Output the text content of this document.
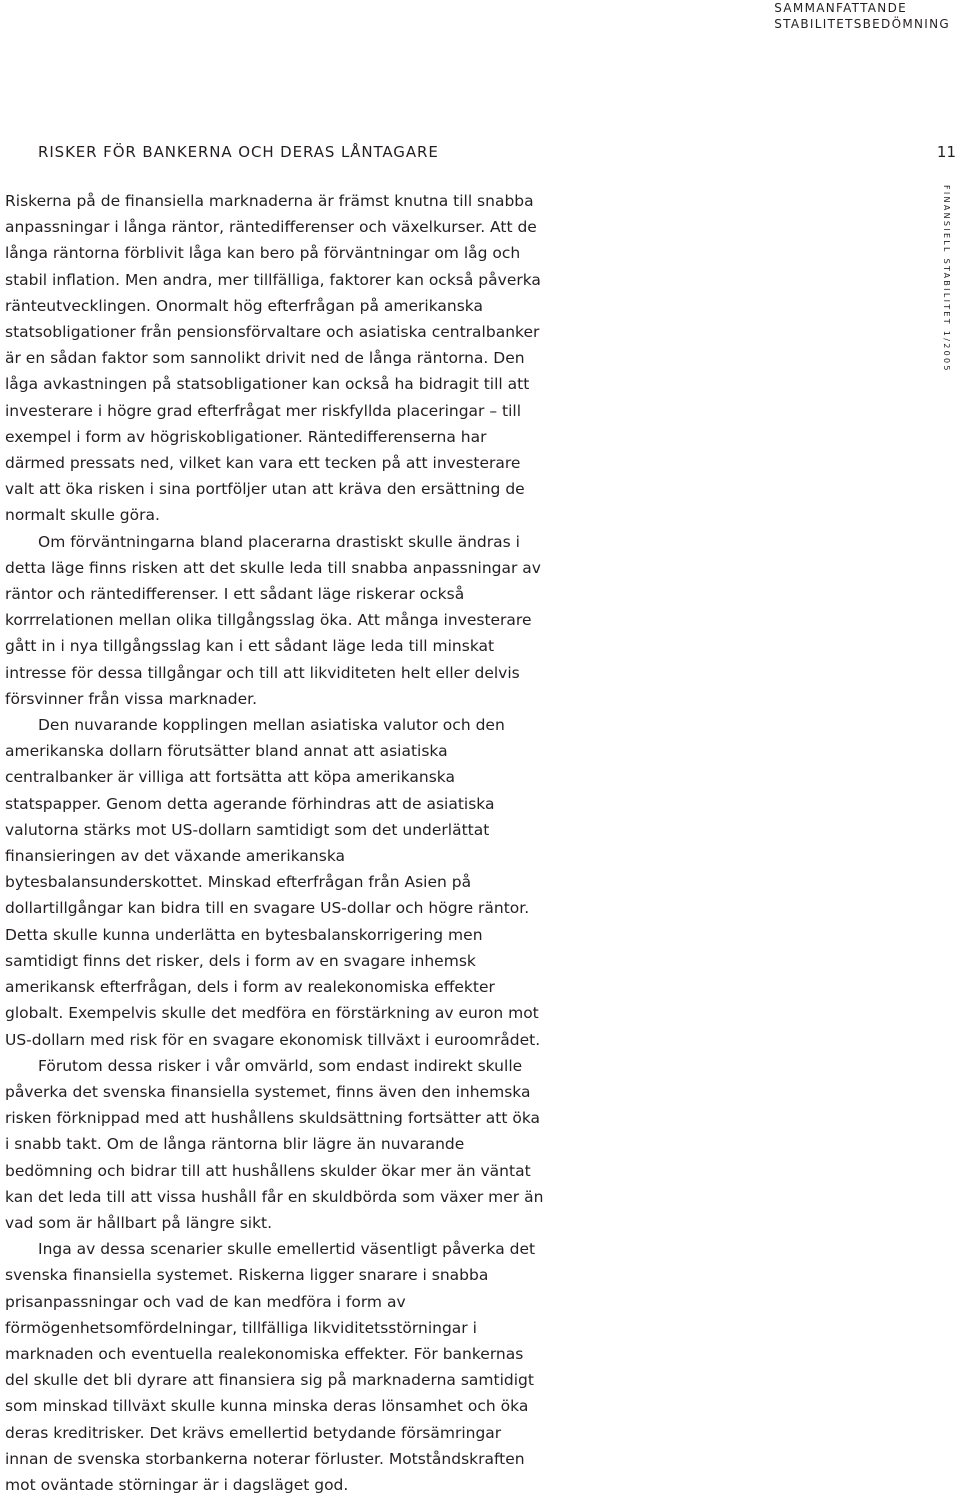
SAMMANFATTANDE
STABILITETSBEDÖMNING
RISKER FÖR BANKERNA OCH DERAS LÅNTAGARE	11
FINANSIELL STABILITET 1/2005

Riskerna på de finansiella marknaderna är främst knutna till snabba anpassningar i långa räntor, räntedifferenser och växelkurser. Att de långa räntorna förblivit låga kan bero på förväntningar om låg och stabil inflation. Men andra, mer tillfälliga, faktorer kan också påverka ränteutvecklingen. Onormalt hög efterfrågan på amerikanska statsobligationer från pensionsförvaltare och asiatiska centralbanker är en sådan faktor som sannolikt drivit ned de långa räntorna. Den låga avkastningen på statsobligationer kan också ha bidragit till att investerare i högre grad efterfrågat mer riskfyllda placeringar – till exempel i form av högriskobligationer. Räntedifferenserna har därmed pressats ned, vilket kan vara ett tecken på att investerare valt att öka risken i sina portföljer utan att kräva den ersättning de normalt skulle göra.

Om förväntningarna bland placerarna drastiskt skulle ändras i detta läge finns risken att det skulle leda till snabba anpassningar av räntor och räntedifferenser. I ett sådant läge riskerar också korrrelationen mellan olika tillgångsslag öka. Att många investerare gått in i nya tillgångsslag kan i ett sådant läge leda till minskat intresse för dessa tillgångar och till att likviditeten helt eller delvis försvinner från vissa marknader.

Den nuvarande kopplingen mellan asiatiska valutor och den amerikanska dollarn förutsätter bland annat att asiatiska centralbanker är villiga att fortsätta att köpa amerikanska statspapper. Genom detta agerande förhindras att de asiatiska valutorna stärks mot US-dollarn samtidigt som det underlättat finansieringen av det växande amerikanska bytesbalansunderskottet. Minskad efterfrågan från Asien på dollartillgångar kan bidra till en svagare US-dollar och högre räntor. Detta skulle kunna underlätta en bytesbalanskorrigering men samtidigt finns det risker, dels i form av en svagare inhemsk amerikansk efterfrågan, dels i form av realekonomiska effekter globalt. Exempelvis skulle det medföra en förstärkning av euron mot US-dollarn med risk för en svagare ekonomisk tillväxt i euroområdet.

Förutom dessa risker i vår omvärld, som endast indirekt skulle påverka det svenska finansiella systemet, finns även den inhemska risken förknippad med att hushållens skuldsättning fortsätter att öka i snabb takt. Om de långa räntorna blir lägre än nuvarande bedömning och bidrar till att hushållens skulder ökar mer än väntat kan det leda till att vissa hushåll får en skuldbörda som växer mer än vad som är hållbart på längre sikt.

Inga av dessa scenarier skulle emellertid väsentligt påverka det svenska finansiella systemet. Riskerna ligger snarare i snabba prisanpassningar och vad de kan medföra i form av förmögenhetsomfördelningar, tillfälliga likviditetsstörningar i marknaden och eventuella realekonomiska effekter. För bankernas del skulle det bli dyrare att finansiera sig på marknaderna samtidigt som minskad tillväxt skulle kunna minska deras lönsamhet och öka deras kreditrisker. Det krävs emellertid betydande försämringar innan de svenska storbankerna noterar förluster. Motståndskraften mot oväntade störningar är i dagsläget god.
